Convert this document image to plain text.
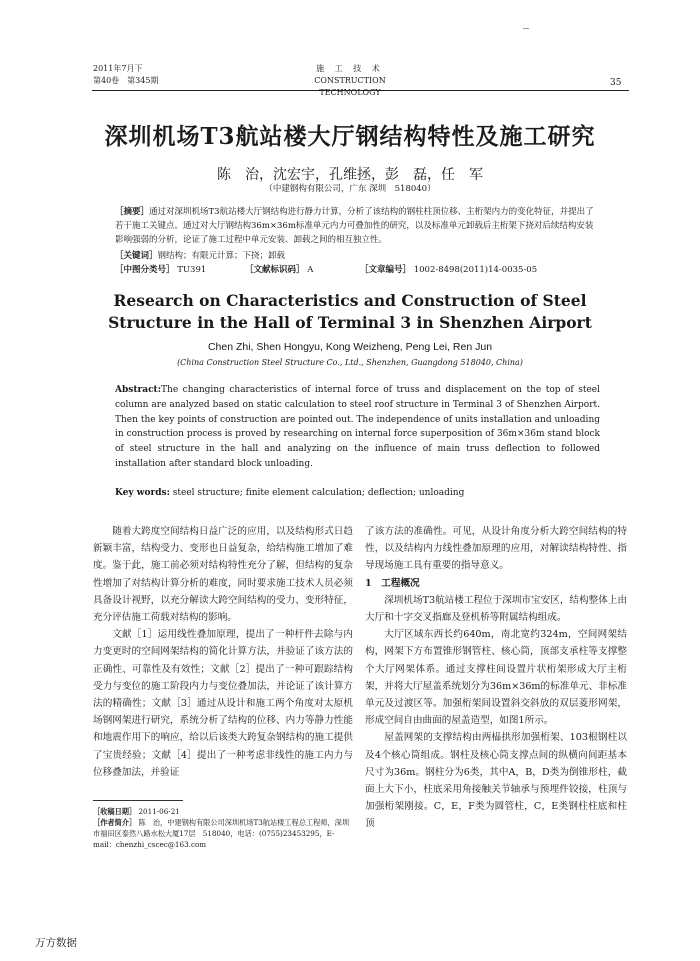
2011年7月下
第40卷　第345期
施 工 技 术
CONSTRUCTION TECHNOLOGY
35
深圳机场T3航站楼大厅钢结构特性及施工研究
陈　治，沈宏宇，孔维拯，彭　磊，任　军
（中建钢构有限公司，广东 深圳　518040）
［摘要］通过对深圳机场T3航站楼大厅钢结构进行静力计算，分析了该结构的钢柱柱顶位移、主桁架内力的变化特征，并提出了若干施工关键点。通过对大厅钢结构36m×36m标准单元内力可叠加性的研究，以及标准单元卸载后主桁架下挠对后续结构安装影响强弱的分析，论证了施工过程中单元安装、卸载之间的相互独立性。
［关键词］钢结构；有限元计算；下挠；卸载
［中图分类号］ TU391	［文献标识码］ A	［文章编号］ 1002-8498(2011)14-0035-05
Research on Characteristics and Construction of Steel Structure in the Hall of Terminal 3 in Shenzhen Airport
Chen Zhi, Shen Hongyu, Kong Weizheng, Peng Lei, Ren Jun
(China Construction Steel Structure Co., Ltd., Shenzhen, Guangdong 518040, China)
Abstract:The changing characteristics of internal force of truss and displacement on the top of steel column are analyzed based on static calculation to steel roof structure in Terminal 3 of Shenzhen Airport. Then the key points of construction are pointed out. The independence of units installation and unloading in construction process is proved by researching on internal force superposition of 36m×36m stand block of steel structure in the hall and analyzing on the influence of main truss deflection to followed installation after standard block unloading.
Key words: steel structure; finite element calculation; deflection; unloading

随着大跨度空间结构日益广泛的应用，以及结构形式日趋新颖丰富，结构受力、变形也日益复杂，给结构施工增加了难度。鉴于此，施工前必须对结构特性充分了解，但结构的复杂性增加了对结构计算分析的难度，同时要求施工技术人员必须具备设计视野，以充分解读大跨空间结构的受力、变形特征，充分评估施工荷载对结构的影响。

文献［1］运用线性叠加原理，提出了一种杆件去除与内力变更时的空间网架结构的简化计算方法，并验证了该方法的正确性、可靠性及有效性；文献［2］提出了一种可跟踪结构受力与变位的施工阶段内力与变位叠加法，并论证了该计算方法的精确性；文献［3］通过从设计和施工两个角度对太原机场钢网架进行研究，系统分析了结构的位移、内力等静力性能和地震作用下的响应，给以后该类大跨复杂钢结构的施工提供了宝贵经验；文献［4］提出了一种考虑非线性的施工内力与位移叠加法，并验证

了该方法的准确性。可见，从设计角度分析大跨空间结构的特性，以及结构内力线性叠加原理的应用，对解读结构特性、指导现场施工具有重要的指导意义。

1　工程概况

深圳机场T3航站楼工程位于深圳市宝安区，结构整体上由大厅和十字交叉指廊及登机桥等附属结构组成。

大厅区域东西长约640m，南北宽约324m，空间网架结构，网架下方布置锥形钢管柱、核心筒，顶部支承柱等支撑整个大厅网架体系。通过支撑柱间设置片状桁架形成大厅主桁架，并将大厅屋盖系统划分为36m×36m的标准单元、非标准单元及过渡区等。加强桁架间设置斜交斜放的双层菱形网架，形成空间自由曲面的屋盖造型，如图1所示。

屋盖网架的支撑结构由两榀拱形加强桁架、103根钢柱以及4个核心筒组成。钢柱及核心筒支撑点间的纵横向间距基本尺寸为36m。钢柱分为6类，其中A，B，D类为倒锥形柱，截面上大下小，柱底采用角接触关节轴承与预埋件铰接，柱顶与加强桁架刚接。C，E，F类为圆管柱，C，E类钢柱柱底和柱顶

［收稿日期］ 2011-06-21
［作者简介］ 陈　治，中建钢构有限公司深圳机场T3航站楼工程总工程师，深圳市福田区泰然八路水松大厦17层　518040，电话：(0755)23453295，E-mail：chenzhi_cscec@163.com
万方数据
